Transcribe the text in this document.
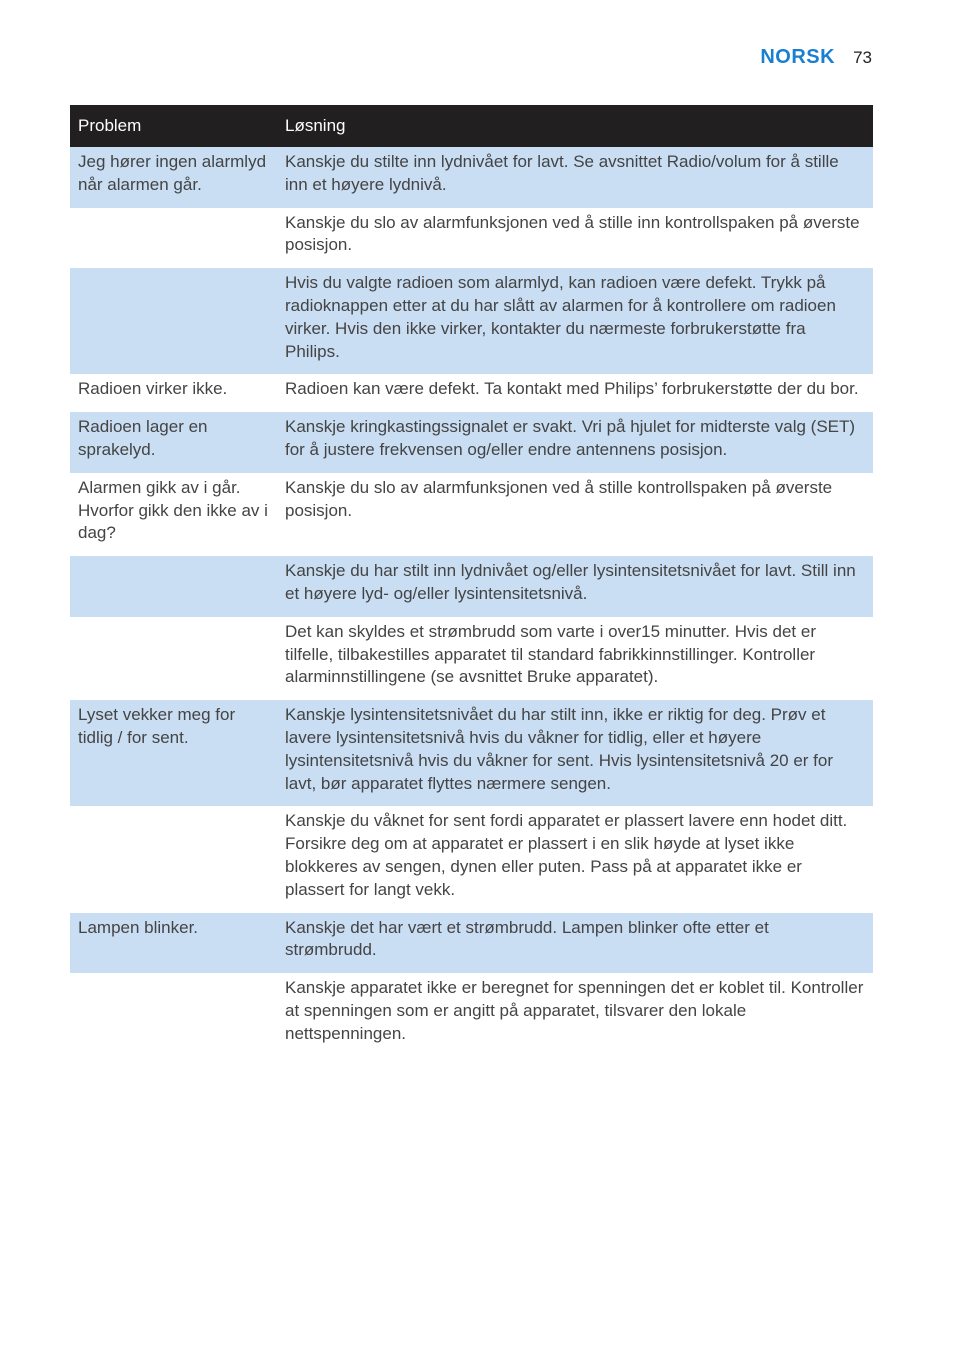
NORSK 73
Problem	Løsning
Jeg hører ingen alarmlyd når alarmen går.	Kanskje du stilte inn lydnivået for lavt. Se avsnittet Radio/volum for å stille inn et høyere lydnivå.
	Kanskje du slo av alarmfunksjonen ved å stille inn kontrollspaken på øverste posisjon.
	Hvis du valgte radioen som alarmlyd, kan radioen være defekt. Trykk på radioknappen etter at du har slått av alarmen for å kontrollere om radioen virker. Hvis den ikke virker, kontakter du nærmeste forbrukerstøtte fra Philips.
Radioen virker ikke.	Radioen kan være defekt. Ta kontakt med Philips’ forbrukerstøtte der du bor.
Radioen lager en sprakelyd.	Kanskje kringkastingssignalet er svakt. Vri på hjulet for midterste valg (SET) for å justere frekvensen og/eller endre antennens posisjon.
Alarmen gikk av i går. Hvorfor gikk den ikke av i dag?	Kanskje du slo av alarmfunksjonen ved å stille kontrollspaken på øverste posisjon.
	Kanskje du har stilt inn lydnivået og/eller lysintensitetsnivået for lavt. Still inn et høyere lyd- og/eller lysintensitetsnivå.
	Det kan skyldes et strømbrudd som varte i over15 minutter. Hvis det er tilfelle, tilbakestilles apparatet til standard fabrikkinnstillinger. Kontroller alarminnstillingene (se avsnittet Bruke apparatet).
Lyset vekker meg for tidlig / for sent.	Kanskje lysintensitetsnivået du har stilt inn, ikke er riktig for deg. Prøv et lavere lysintensitetsnivå hvis du våkner for tidlig, eller et høyere lysintensitetsnivå hvis du våkner for sent. Hvis lysintensitetsnivå 20 er for lavt, bør apparatet flyttes nærmere sengen.
	Kanskje du våknet for sent fordi apparatet er plassert lavere enn hodet ditt. Forsikre deg om at apparatet er plassert i en slik høyde at lyset ikke blokkeres av sengen, dynen eller puten. Pass på at apparatet ikke er plassert for langt vekk.
Lampen blinker.	Kanskje det har vært et strømbrudd. Lampen blinker ofte etter et strømbrudd.
	Kanskje apparatet ikke er beregnet for spenningen det er koblet til. Kontroller at spenningen som er angitt på apparatet, tilsvarer den lokale nettspenningen.
